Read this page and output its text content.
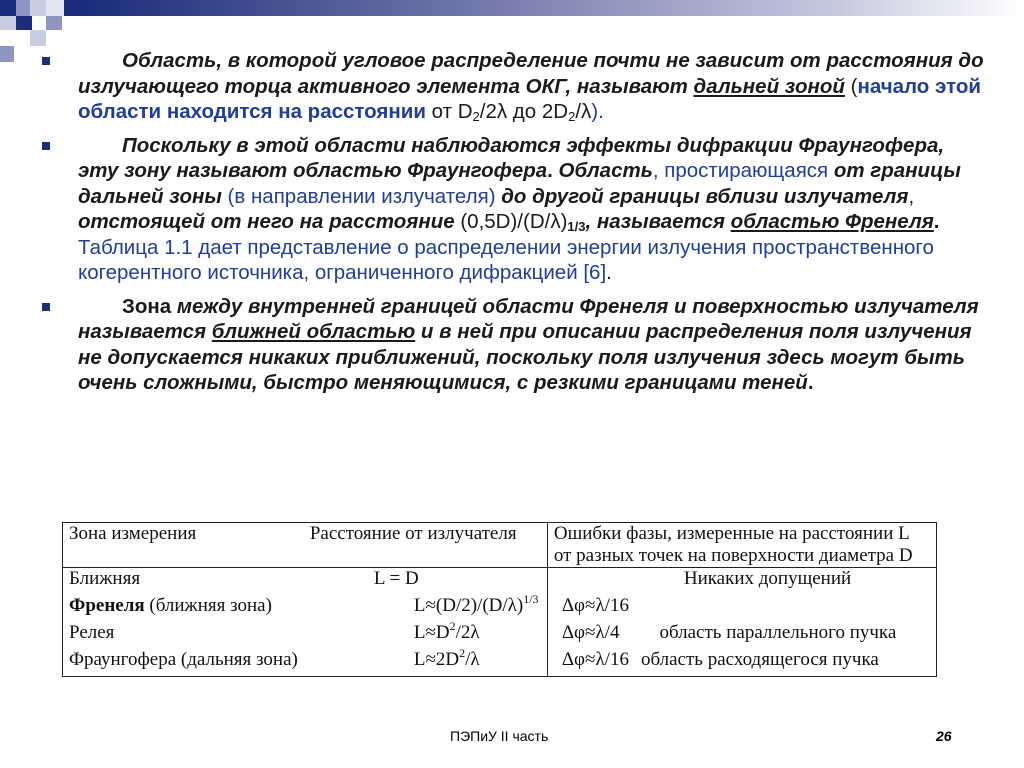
Область, в которой угловое распределение почти не зависит от расстояния до излучающего торца активного элемента ОКГ, называют дальней зоной (начало этой области находится на расстоянии от $D_2/2\lambda$ до $2D_2/\lambda$).
Поскольку в этой области наблюдаются эффекты дифракции Фраунгофера, эту зону называют областью Фраунгофера. Область, простирающаяся от границы дальней зоны (в направлении излучателя) до другой границы вблизи излучателя, отстоящей от него на расстояние $(0,5D)/(D/\lambda)_{1/3}$, называется областью Френеля. Таблица 1.1 дает представление о распределении энергии излучения пространственного когерентного источника, ограниченного дифракцией [6].
Зона между внутренней границей области Френеля и поверхностью излучателя называется ближней областью и в ней при описании распределения поля излучения не допускается никаких приближений, поскольку поля излучения здесь могут быть очень сложными, быстро меняющимися, с резкими границами теней.
Зона измерения	Расстояние от излучателя	Ошибки фазы, измеренные на расстоянии L
		от разных точек на поверхности диаметра D
Ближняя	L = D	Никаких допущений
Френеля (ближняя зона)	$L\approx(D/2)/(D/\lambda)^{1/3}$	Δφ≈λ/16
Релея	$L\approx D^2/2\lambda$	Δφ≈λ/4 область параллельного пучка
Фраунгофера (дальняя зона)	$L\approx 2D^2/\lambda$	Δφ≈λ/16 область расходящегося пучка
ПЭПиУ II часть	26
